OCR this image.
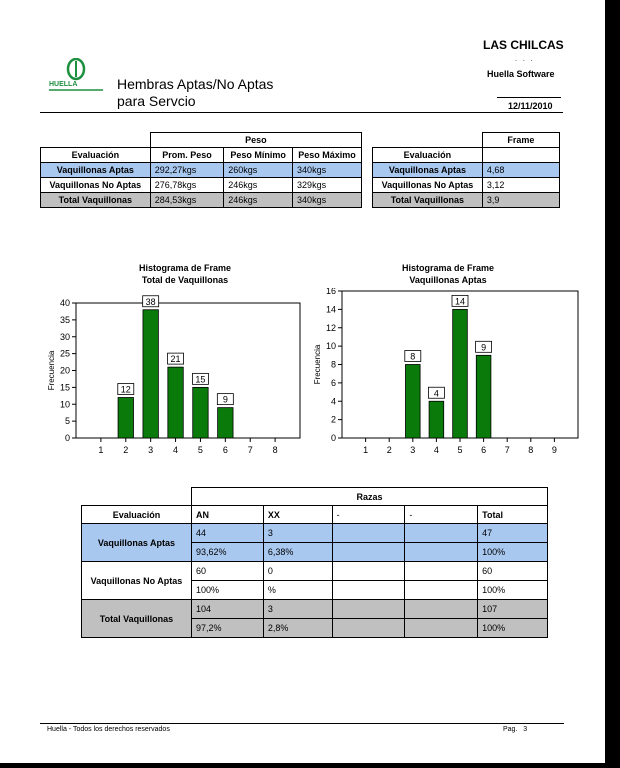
HUELLA	Hembras Aptas/No Aptas
para Servcio
LAS CHILCAS
. . .
Huella Software
12/11/2010
	Peso		
Evaluación	Prom. Peso	Peso Mínimo	Peso Máximo
Vaquillonas Aptas	292,27kgs	260kgs	340kgs
Vaquillonas No Aptas	276,78kgs	246kgs	329kgs
Total Vaquillonas	284,53kgs	246kgs	340kgs
	Frame
Evaluación	
Vaquillonas Aptas	4,68
Vaquillonas No Aptas	3,12
Total Vaquillonas	3,9
Histograma de Frame
Total de Vaquillonas
0
5
10
15
20
25
30
35
40
Frecuencia
1 2
12
3
38
4
21
5
15
6
9
7 8
Histograma de Frame
Vaquillonas Aptas
0
2
4
6
8
10
12
14
16
Frecuencia
1 2 3
8
4
4
5
14
6
9
7 8 9
	Razas				
Evaluación	AN	XX	-	-	Total
Vaquillonas Aptas	44	3			47
	93,62%	6,38%			100%
Vaquillonas No Aptas	60	0			60
	100%	%			100%
Total Vaquillonas	104	3			107
	97,2%	2,8%			100%
Huella - Todos los derechos reservados	Pag.   3
